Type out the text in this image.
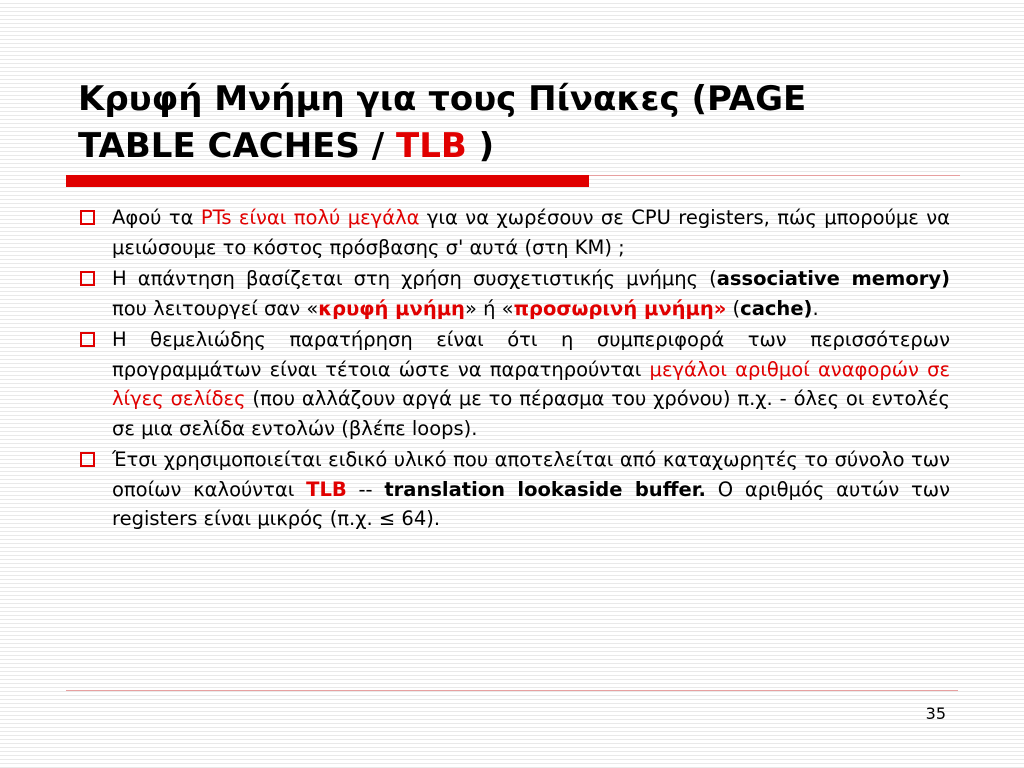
Κρυφή Μνήμη για τους Πίνακες (PAGE
TABLE CACHES / TLB )
Αφού τα PTs είναι πολύ μεγάλα για να χωρέσουν σε CPU registers, πώς μπορούμε να μειώσουμε το κόστος πρόσβασης σ' αυτά (στη ΚΜ) ;
Η απάντηση βασίζεται στη χρήση συσχετιστικής μνήμης (associative memory) που λειτουργεί σαν «κρυφή μνήμη» ή «προσωρινή μνήμη» (cache).
Η θεμελιώδης παρατήρηση είναι ότι η συμπεριφορά των περισσότερων προγραμμάτων είναι τέτοια ώστε να παρατηρούνται μεγάλοι αριθμοί αναφορών σε λίγες σελίδες (που αλλάζουν αργά με το πέρασμα του χρόνου) π.χ. - όλες οι εντολές σε μια σελίδα εντολών (βλέπε loops).
Έτσι χρησιμοποιείται ειδικό υλικό που αποτελείται από καταχωρητές το σύνολο των οποίων καλούνται TLB -- translation lookaside buffer. Ο αριθμός αυτών των registers είναι μικρός (π.χ. ≤ 64).
35
